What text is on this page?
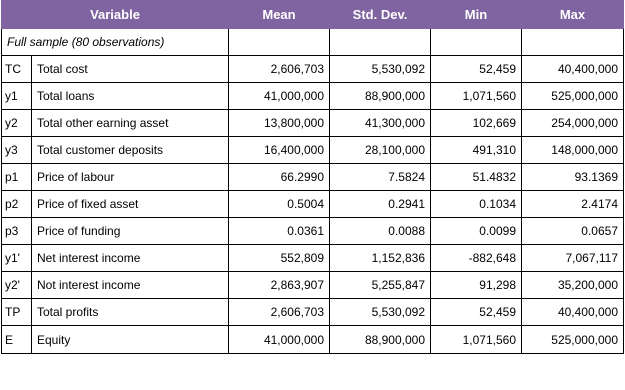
Variable		Mean	Std. Dev.	Min	Max
Full sample (80 observations)					
TC	Total cost	2,606,703	5,530,092	52,459	40,400,000
y1	Total loans	41,000,000	88,900,000	1,071,560	525,000,000
y2	Total other earning asset	13,800,000	41,300,000	102,669	254,000,000
y3	Total customer deposits	16,400,000	28,100,000	491,310	148,000,000
p1	Price of labour	66.2990	7.5824	51.4832	93.1369
p2	Price of fixed asset	0.5004	0.2941	0.1034	2.4174
p3	Price of funding	0.0361	0.0088	0.0099	0.0657
y1'	Net interest income	552,809	1,152,836	-882,648	7,067,117
y2'	Not interest income	2,863,907	5,255,847	91,298	35,200,000
TP	Total profits	2,606,703	5,530,092	52,459	40,400,000
E	Equity	41,000,000	88,900,000	1,071,560	525,000,000
